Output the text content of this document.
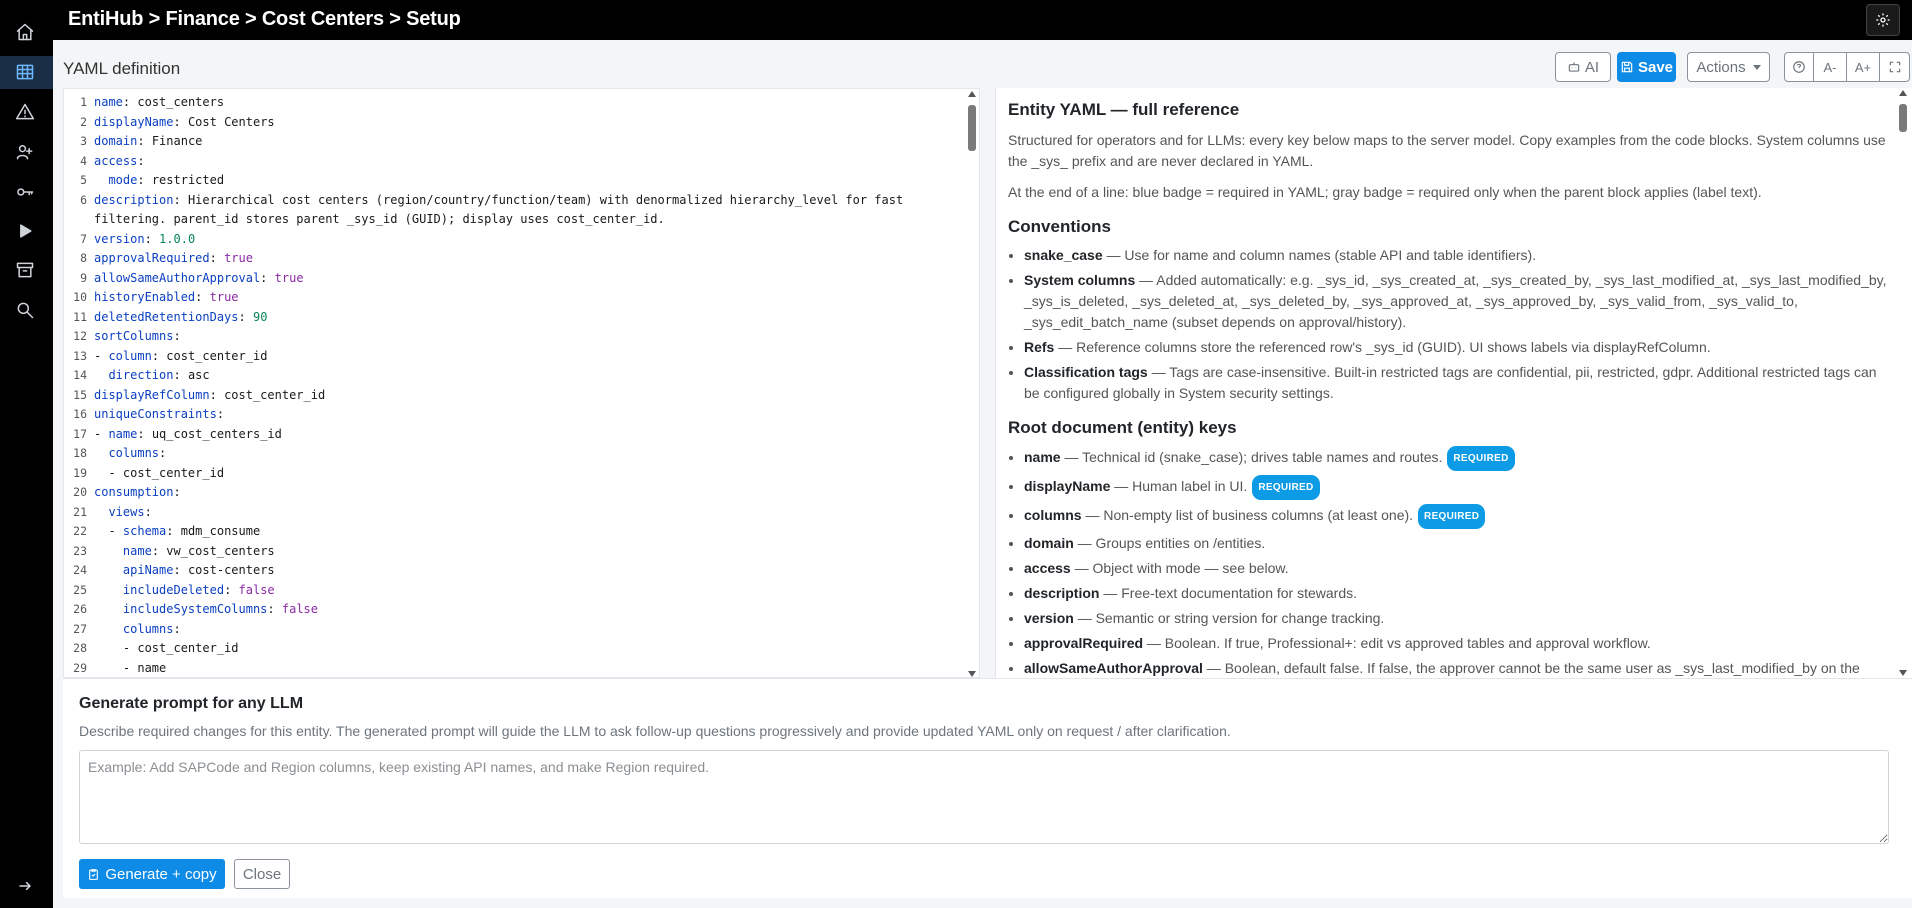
EntiHub > Finance > Cost Centers > Setup
YAML definition	AI	Save Actions	A- A+
1 name: cost_centers
2 displayName: Cost Centers
3 domain: Finance
4 access:
5	mode: restricted
6 description: Hierarchical cost centers (region/country/function/team) with denormalized hierarchy_level for fast filtering. parent_id stores parent _sys_id (GUID); display uses cost_center_id.
7 version: 1.0.0
8 approvalRequired: true
9 allowSameAuthorApproval: true
10 historyEnabled: true
11 deletedRetentionDays: 90
12 sortColumns:
13 - column: cost_center_id
14	direction: asc
15 displayRefColumn: cost_center_id
16 uniqueConstraints:
17 - name: uq_cost_centers_id
18	columns:
19 - cost_center_id
20 consumption:
21	views:
22 - schema: mdm_consume
23	name: vw_cost_centers
24	apiName: cost-centers
25	includeDeleted: false
26	includeSystemColumns: false
27	columns:
28 - cost_center_id
29 - name
Entity YAML — full reference

Structured for operators and for LLMs: every key below maps to the server model. Copy examples from the code blocks. System columns use the _sys_ prefix and are never declared in YAML.

At the end of a line: blue badge = required in YAML; gray badge = required only when the parent block applies (label text).

Conventions
• snake_case — Use for name and column names (stable API and table identifiers).
• System columns — Added automatically: e.g. _sys_id, _sys_created_at, _sys_created_by, _sys_last_modified_at, _sys_last_modified_by, _sys_is_deleted, _sys_deleted_at, _sys_deleted_by, _sys_approved_at, _sys_approved_by, _sys_valid_from, _sys_valid_to, _sys_edit_batch_name (subset depends on approval/history).
• Refs — Reference columns store the referenced row's _sys_id (GUID). UI shows labels via displayRefColumn.
• Classification tags — Tags are case-insensitive. Built-in restricted tags are confidential, pii, restricted, gdpr. Additional restricted tags can be configured globally in System security settings.
Root document (entity) keys
• name — Technical id (snake_case); drives table names and routes. REQUIRED
• displayName — Human label in UI. REQUIRED
• columns — Non-empty list of business columns (at least one). REQUIRED
• domain — Groups entities on /entities.
• access — Object with mode — see below.
• description — Free-text documentation for stewards.
• version — Semantic or string version for change tracking.
• approvalRequired — Boolean. If true, Professional+: edit vs approved tables and approval workflow.
• allowSameAuthorApproval — Boolean, default false. If false, the approver cannot be the same user as _sys_last_modified_by on the
Generate prompt for any LLM
Describe required changes for this entity. The generated prompt will guide the LLM to ask follow-up questions progressively and provide updated YAML only on request / after clarification.
Example: Add SAPCode and Region columns, keep existing API names, and make Region required.
Generate + copy	Close
